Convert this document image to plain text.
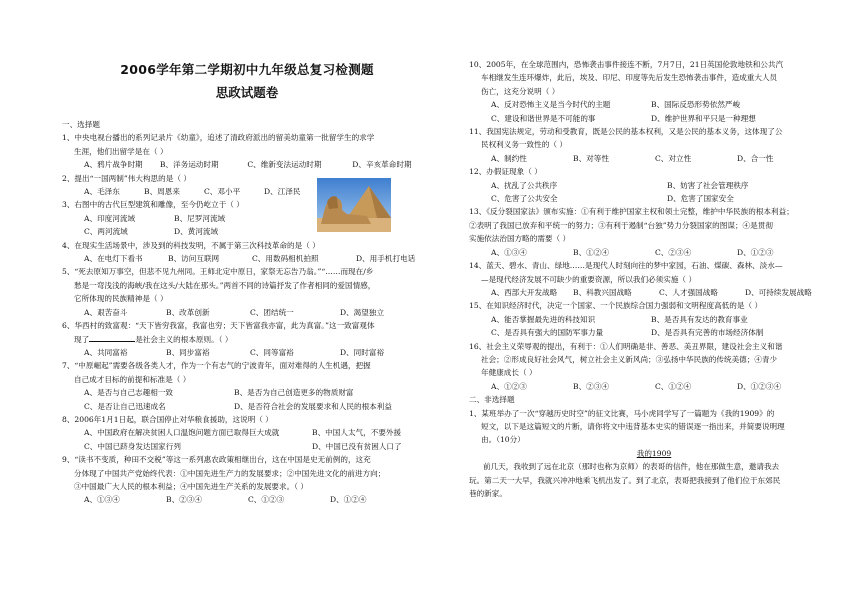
2006学年第二学期初中九年级总复习检测题
思政试题卷

一、选择题

1、中央电视台播出的系列记录片《幼童》，追述了清政府派出的留美幼童第一批留学生的求学

生涯，他们出留学是在（ ）

A、鸦片战争时期	B、洋务运动时期	C、维新变法运动时期	D、辛亥革命时期

2、提出“一国两制”伟大构思的是（ ）

A、毛泽东	B、周恩来	C、邓小平	D、江泽民

3、右图中的古代巨型建筑和雕像，至今仍屹立于（ ）

A、印度河流域	B、尼罗河流域
C、两河流域	D、黄河流域

4、在现实生活场景中，涉及到的科技发明，不属于第三次科技革命的是（ ）

A、在电灯下看书	B、访问互联网	C、用数码相机拍照	D、用手机打电话

5、“死去原知万事空，但悲不见九州同。王师北定中原日，家祭无忘告乃翁。”“……而现在/乡

愁是一弯浅浅的海峡/我在这头/大陆在那头。”两首不同的诗篇抒发了作者相同的爱国情感，

它所体现的民族精神是（ ）

A、艰苦奋斗	B、改革创新	C、团结统一	D、渴望独立

6、华西村的致富观：“天下皆穷我富，我富也穷；天下皆富我亦富，此为真富。”这一致富观体

现了	是社会主义的根本原则。（ ）

A、共同富裕	B、同步富裕	C、同等富裕	D、同时富裕

7、“中原崛起”需要各级各类人才，作为一个有志气的宁波青年，面对难得的人生机遇，把握

自己成才目标的前提和标准是（ ）

A、是否与自己志趣相一致	B、是否为自己创造更多的物质财富
C、是否让自己迅速成名	D、是否符合社会的发展要求和人民的根本利益

8、2006年1月1日起，联合国停止对华粮食援助，这说明（ ）

A、中国政府在解决贫困人口温饱问题方面已取得巨大成就	B、中国人太气，不要外援
C、中国已跻身发达国家行列	D、中国已没有贫困人口了

9、“读书不变质，种田不交税”等这一系列惠农政策相继出台，这在中国是史无前例的，这充

分体现了中国共产党始终代表：①中国先进生产力的发展要求；②中国先进文化的前进方向；

③中国最广大人民的根本利益；④中国先进生产关系的发展要求。（ ）

A、①③④	B、②③④	C、①②③	D、①②④

10、2005年，在全球范围内，恐怖袭击事件接连不断，7月7日，21日英国伦敦地铁和公共汽

车相继发生连环爆炸，此后，埃及、印尼、印度等先后发生恐怖袭击事件，造成重大人员

伤亡，这充分说明（ ）

A、反对恐怖主义是当今时代的主题	B、国际反恐形势依然严峻
C、建设和谐世界是不可能的事	D、维护世界和平只是一种理想

11、我国宪法规定，劳动和受教育，既是公民的基本权利，又是公民的基本义务，这体现了公

民权利义务一致性的（ ）

A、制约性	B、对等性	C、对立性	D、合一性

12、办假证现象（ ）

A、扰乱了公共秩序	B、妨害了社会管理秩序
C、危害了公共安全	D、危害了国家安全

13、《反分裂国家法》颁布实施：①有利于维护国家主权和领土完整，维护中华民族的根本利益；

②表明了我国已放弃和平统一的努力；③有利于遏制“台独”势力分裂国家的图谋；④是贯彻

实施依法治国方略的需要（ ）

A、①③④	B、①②④	C、②③④	D、①②③

14、蓝天、碧水、青山、绿地……是现代人时刻向往的梦中家园，石油、煤碳、森林、淡水—

—是现代经济发展不可缺少的重要资源，所以我们必须实施（ ）

A、西部大开发战略	B、科教兴国战略	C、人才强国战略	D、可持续发展战略

15、在知识经济时代，决定一个国家、一个民族综合国力强弱和文明程度高低的是（ ）

A、能否掌握最先进的科技知识	B、是否具有发达的教育事业
C、是否具有强大的国防军事力量	D、是否具有完善的市场经济体制

16、社会主义荣辱观的提出，有利于：①人们明确是非、善恶、美丑界限，建设社会主义和谐

社会；②形成良好社会风气，树立社会主义新风尚；③弘扬中华民族的传统美德；④青少

年健康成长（ ）

A、①②③	B、②③④	C、①②④	D、①②③④

二、非选择题

1、某班举办了一次“穿越历史时空”的征文比赛，马小虎同学写了一篇题为《我的1909》的

短文，以下是这篇短文的片断，请你将文中违背基本史实的错误逐一指出来，并简要说明理

由。（10分）

我的1909

前几天，我收到了远在北京（那时也称为京师）的表哥的信件，他在那做生意，邀请我去

玩。第二天一大早，我就兴冲冲地乘飞机出发了。到了北京，表哥把我接到了他们位于东郊民

巷的新家。
